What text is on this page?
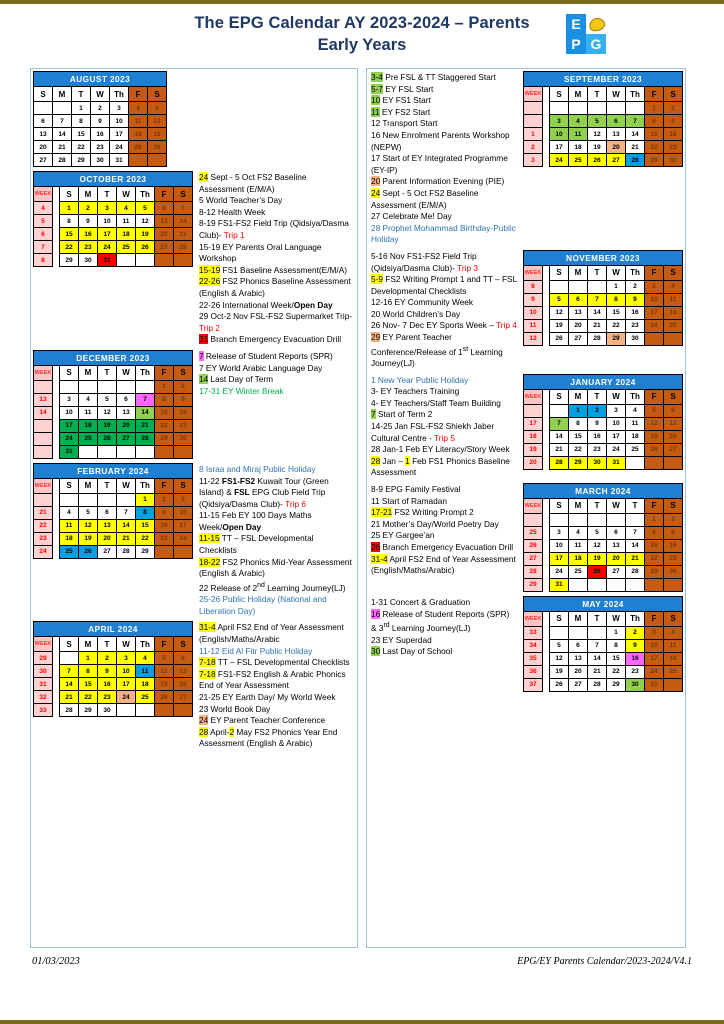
The EPG Calendar AY 2023-2024 – Parents
Early Years
E
P G
AUGUST 2023						
S	M	T	W	Th	F	S
		1	2	3	4	5
6	7	8	9	10	11	12
13	14	15	16	17	18	19
20	21	22	23	24	25	26
27	28	29	30	31		
OCTOBER 2023								
WEEK		S	M	T	W	Th	F	S
4		1	2	3	4	5	6	7
5		8	9	10	11	12	13	14
6		15	16	17	18	19	20	21
7		22	23	24	25	26	27	28
8		29	30	31				

24 Sept - 5 Oct FS2 Baseline Assessment (E/M/A)

5 World Teacher’s Day

8-12 Health Week

8-19 FS1-FS2 Field Trip (Qidsiya/Dasma Club)- Trip 1

15-19 EY Parents Oral Language Workshop

15-19 FS1 Baseline Assessment(E/M/A)

22-26 FS2 Phonics Baseline Assessment (English & Arabic)

22-26 International Week/Open Day

29 Oct-2 Nov FSL-FS2 Supermarket Trip- Trip 2

31 Branch Emergency Evacuation Drill

DECEMBER 2023								
WEEK		S	M	T	W	Th	F	S
							1	2
13		3	4	5	6	7	8	9
14		10	11	12	13	14	15	16
		17	18	19	20	21	22	23
		24	25	26	27	28	29	30
		31						

7 Release of Student Reports (SPR)

7 EY World Arabic Language Day

14 Last Day of Term

17-31 EY Winter Break

FEBRUARY 2024								
WEEK		S	M	T	W	Th	F	S
						1	2	3
21		4	5	6	7	8	9	10
22		11	12	13	14	15	16	17
23		18	19	20	21	22	23	24
24		25	26	27	28	29		

8 Israa and Miraj Public Holiday

11-22 FS1-FS2 Kuwait Tour (Green Island) & FSL EPG Club Field Trip (Qidsiya/Dasma Club)- Trip 6

11-15 Feb EY 100 Days Maths Week/Open Day

11-15 TT – FSL Developmental Checklists

18-22 FS2 Phonics Mid-Year Assessment (English & Arabic)

22 Release of 2nd Learning Journey(LJ)

25-26 Public Holiday (National and Liberation Day)

APRIL 2024								
WEEK		S	M	T	W	Th	F	S
29			1	2	3	4	5	6
30		7	8	9	10	11	12	13
31		14	15	16	17	18	19	20
32		21	22	23	24	25	26	27
33		28	29	30				

31-4 April FS2 End of Year Assessment (English/Maths/Arabic

11-12 Eid Al Fitr Public Holiday

7-18 TT – FSL Developmental Checklists

7-18 FS1-FS2 English & Arabic Phonics End of Year Assessment

21-25 EY Earth Day/ My World Week

23 World Book Day

24 EY Parent Teacher Conference

28 April-2 May FS2 Phonics Year End Assessment (English & Arabic)

3-4 Pre FSL & TT Staggered Start

5-7 EY FSL Start

10 EY FS1 Start

11 EY FS2 Start

12 Transport Start

16 New Enrolment Parents Workshop (NEPW)

17 Start of EY Integrated Programme (EY-IP)

20 Parent Information Evening (PIE)

24 Sept - 5 Oct FS2 Baseline Assessment (E/M/A)

27 Celebrate Me! Day

28 Prophet Mohammad Birthday-Public Holiday

SEPTEMBER 2023								
WEEK		S	M	T	W	Th	F	S
							1	2
		3	4	5	6	7	8	9
1		10	11	12	13	14	15	16
2		17	18	19	20	21	22	23
3		24	25	26	27	28	29	30

5-16 Nov FS1-FS2 Field Trip (Qidsiya/Dasma Club)- Trip 3

5-9 FS2 Writing Prompt 1 and TT – FSL Developmental Checklists

12-16 EY Community Week

20 World Children’s Day

26 Nov- 7 Dec EY Sports Week – Trip 4

29 EY Parent Teacher Conference/Release of 1st Learning Journey(LJ)

NOVEMBER 2023								
WEEK		S	M	T	W	Th	F	S
8					1	2	3	4
9		5	6	7	8	9	10	11
10		12	13	14	15	16	17	18
11		19	20	21	22	23	24	25
12		26	27	28	29	30		

1 New Year Public Holiday

3- EY Teachers Training

4- EY Teachers/Staff Team Building

7 Start of Term 2

14-25 Jan FSL-FS2 Shiekh Jaber Cultural Centre - Trip 5

28 Jan-1 Feb EY Literacy/Story Week

28 Jan – 1 Feb FS1 Phonics Baseline Assessment

JANUARY 2024								
WEEK		S	M	T	W	Th	F	S
			1	2	3	4	5	6
17		7	8	9	10	11	12	13
18		14	15	16	17	18	19	20
19		21	22	23	24	25	26	27
20		28	29	30	31			

8-9 EPG Family Festival

11 Start of Ramadan

17-21 FS2 Writing Prompt 2

21 Mother’s Day/World Poetry Day

25 EY Gargee’an

26 Branch Emergency Evacuation Drill

31-4 April FS2 End of Year Assessment (English/Maths/Arabic)

MARCH 2024								
WEEK		S	M	T	W	T	F	S
							1	2
25		3	4	5	6	7	8	9
26		10	11	12	13	14	15	16
27		17	18	19	20	21	22	23
28		24	25	26	27	28	29	30
29		31						

1-31 Concert & Graduation

16 Release of Student Reports (SPR) & 3rd Learning Journey(LJ)

23 EY Superdad

30 Last Day of School

MAY 2024								
WEEK		S	M	T	W	Th	F	S
33					1	2	3	4
34		5	6	7	8	9	10	11
35		12	13	14	15	16	17	18
36		19	20	21	22	23	24	25
37		26	27	28	29	30	31	
01/03/2023	EPG/EY Parents Calendar/2023-2024/V4.1
